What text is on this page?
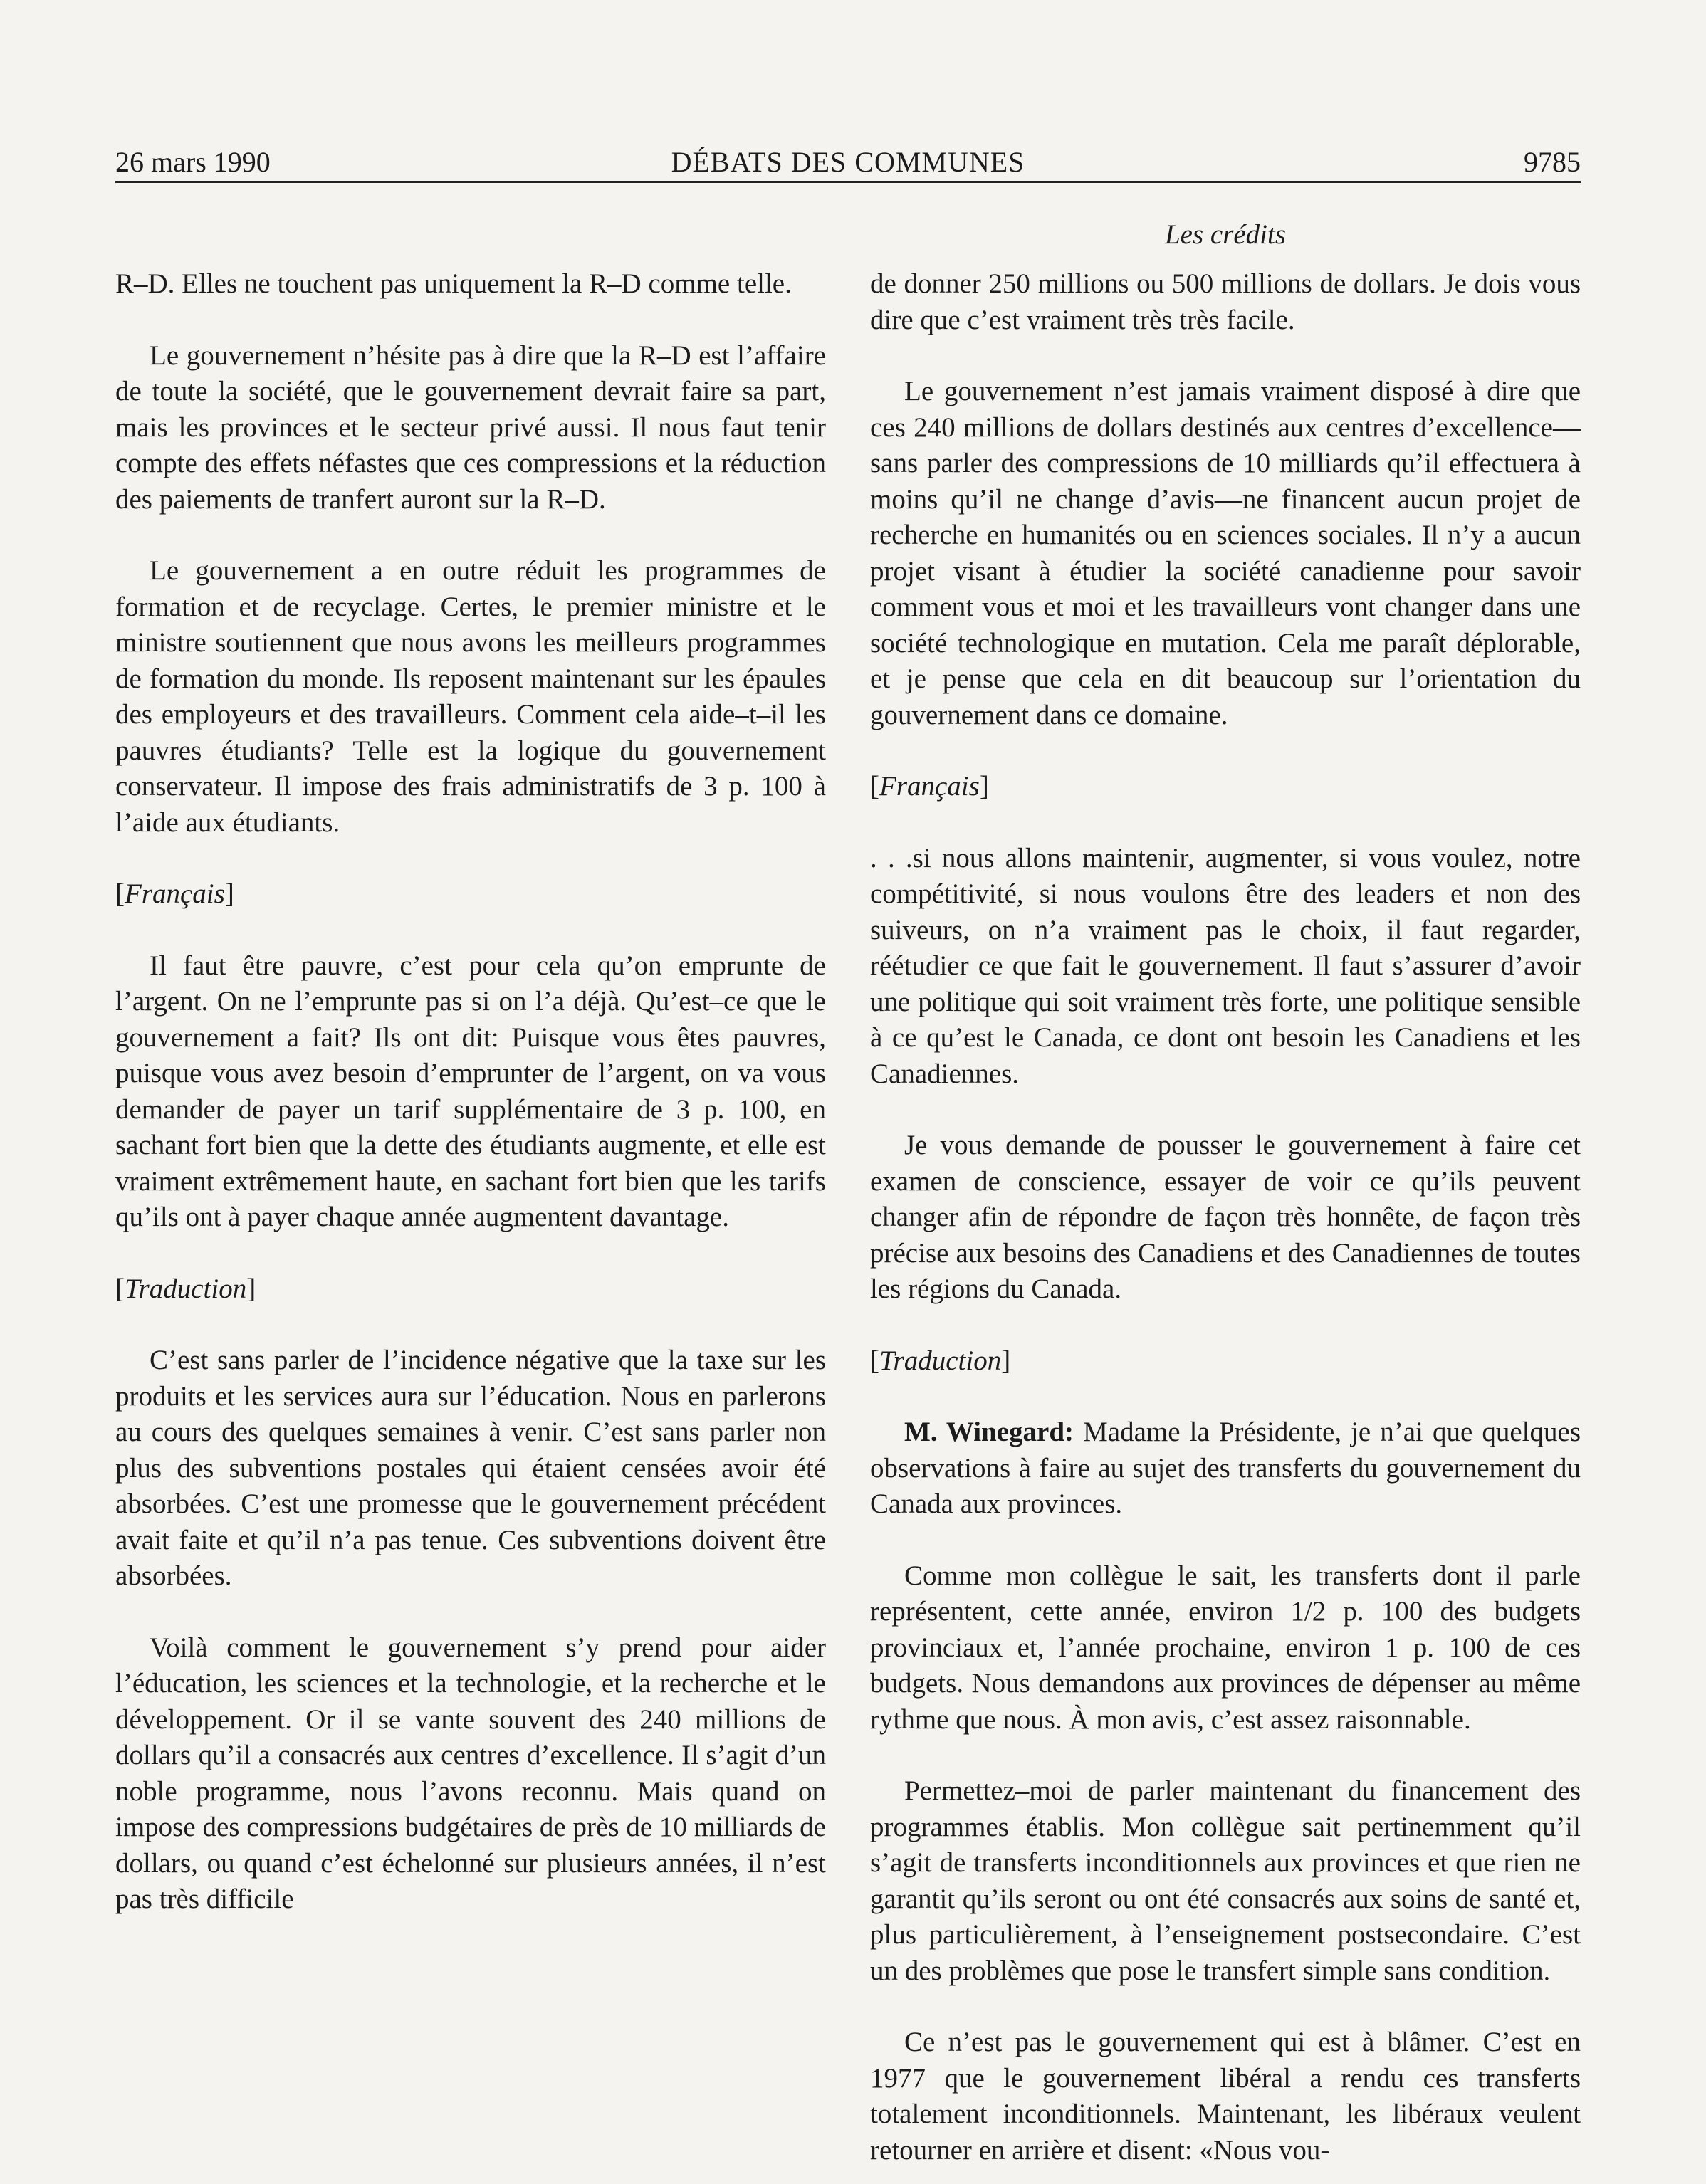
26 mars 1990	DÉBATS DES COMMUNES	9785
Les crédits

R–D. Elles ne touchent pas uniquement la R–D comme telle.

Le gouvernement n’hésite pas à dire que la R–D est l’affaire de toute la société, que le gouvernement devrait faire sa part, mais les provinces et le secteur privé aussi. Il nous faut tenir compte des effets néfastes que ces compressions et la réduction des paiements de tranfert auront sur la R–D.

Le gouvernement a en outre réduit les programmes de formation et de recyclage. Certes, le premier ministre et le ministre soutiennent que nous avons les meilleurs programmes de formation du monde. Ils reposent maintenant sur les épaules des employeurs et des travailleurs. Comment cela aide–t–il les pauvres étudiants? Telle est la logique du gouvernement conservateur. Il impose des frais administratifs de 3 p. 100 à l’aide aux étudiants.

[Français]

Il faut être pauvre, c’est pour cela qu’on emprunte de l’argent. On ne l’emprunte pas si on l’a déjà. Qu’est–ce que le gouvernement a fait? Ils ont dit: Puisque vous êtes pauvres, puisque vous avez besoin d’emprunter de l’argent, on va vous demander de payer un tarif supplémentaire de 3 p. 100, en sachant fort bien que la dette des étudiants augmente, et elle est vraiment extrêmement haute, en sachant fort bien que les tarifs qu’ils ont à payer chaque année augmentent davantage.

[Traduction]

C’est sans parler de l’incidence négative que la taxe sur les produits et les services aura sur l’éducation. Nous en parlerons au cours des quelques semaines à venir. C’est sans parler non plus des subventions postales qui étaient censées avoir été absorbées. C’est une promesse que le gouvernement précédent avait faite et qu’il n’a pas tenue. Ces subventions doivent être absorbées.

Voilà comment le gouvernement s’y prend pour aider l’éducation, les sciences et la technologie, et la recherche et le développement. Or il se vante souvent des 240 millions de dollars qu’il a consacrés aux centres d’excellence. Il s’agit d’un noble programme, nous l’avons reconnu. Mais quand on impose des compressions budgétaires de près de 10 milliards de dollars, ou quand c’est échelonné sur plusieurs années, il n’est pas très difficile

de donner 250 millions ou 500 millions de dollars. Je dois vous dire que c’est vraiment très très facile.

Le gouvernement n’est jamais vraiment disposé à dire que ces 240 millions de dollars destinés aux centres d’excellence—sans parler des compressions de 10 milliards qu’il effectuera à moins qu’il ne change d’avis—ne financent aucun projet de recherche en humanités ou en sciences sociales. Il n’y a aucun projet visant à étudier la société canadienne pour savoir comment vous et moi et les travailleurs vont changer dans une société technologique en mutation. Cela me paraît déplorable, et je pense que cela en dit beaucoup sur l’orientation du gouvernement dans ce domaine.

[Français]

. . .si nous allons maintenir, augmenter, si vous voulez, notre compétitivité, si nous voulons être des leaders et non des suiveurs, on n’a vraiment pas le choix, il faut regarder, réétudier ce que fait le gouvernement. Il faut s’assurer d’avoir une politique qui soit vraiment très forte, une politique sensible à ce qu’est le Canada, ce dont ont besoin les Canadiens et les Canadiennes.

Je vous demande de pousser le gouvernement à faire cet examen de conscience, essayer de voir ce qu’ils peuvent changer afin de répondre de façon très honnête, de façon très précise aux besoins des Canadiens et des Canadiennes de toutes les régions du Canada.

[Traduction]

M. Winegard: Madame la Présidente, je n’ai que quelques observations à faire au sujet des transferts du gouvernement du Canada aux provinces.

Comme mon collègue le sait, les transferts dont il parle représentent, cette année, environ 1/2 p. 100 des budgets provinciaux et, l’année prochaine, environ 1 p. 100 de ces budgets. Nous demandons aux provinces de dépenser au même rythme que nous. À mon avis, c’est assez raisonnable.

Permettez–moi de parler maintenant du financement des programmes établis. Mon collègue sait pertinemment qu’il s’agit de transferts inconditionnels aux provinces et que rien ne garantit qu’ils seront ou ont été consacrés aux soins de santé et, plus particulièrement, à l’enseignement postsecondaire. C’est un des problèmes que pose le transfert simple sans condition.

Ce n’est pas le gouvernement qui est à blâmer. C’est en 1977 que le gouvernement libéral a rendu ces transferts totalement inconditionnels. Maintenant, les libéraux veulent retourner en arrière et disent: «Nous vou-
